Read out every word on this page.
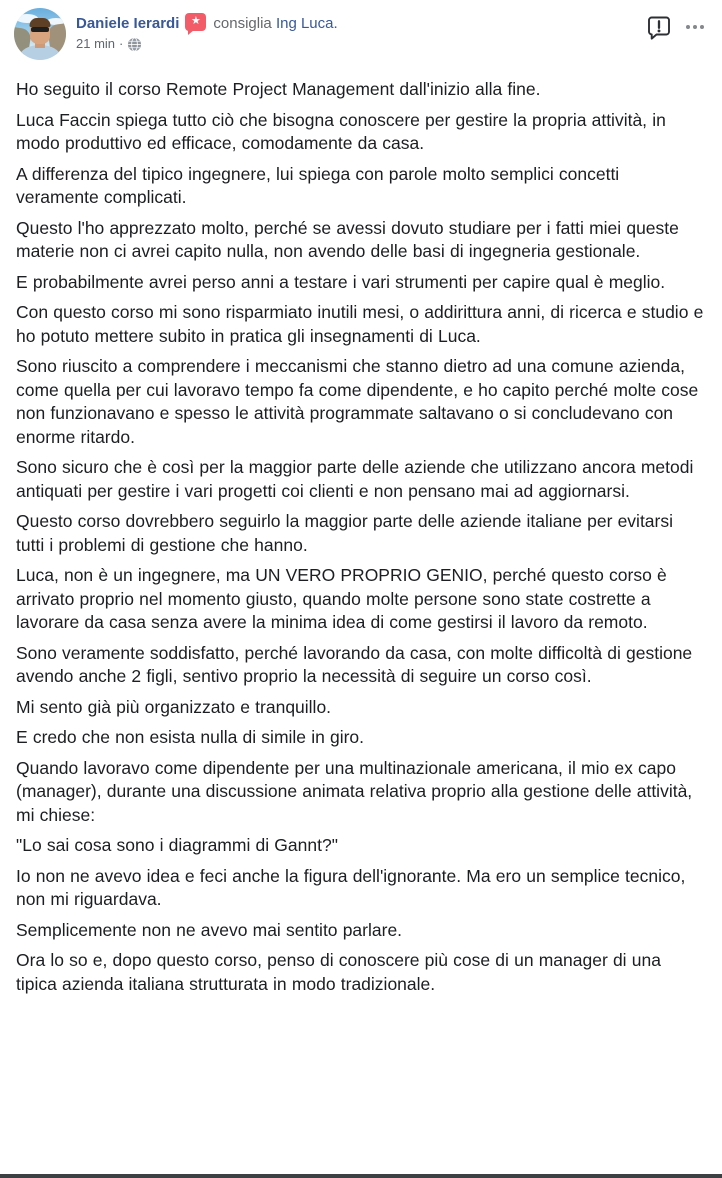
Daniele Ierardi	★ consiglia Ing Luca.
21 min ·

Ho seguito il corso Remote Project Management dall'inizio alla fine.

Luca Faccin spiega tutto ciò che bisogna conoscere per gestire la propria attività, in modo produttivo ed efficace, comodamente da casa.

A differenza del tipico ingegnere, lui spiega con parole molto semplici concetti veramente complicati.

Questo l'ho apprezzato molto, perché se avessi dovuto studiare per i fatti miei queste materie non ci avrei capito nulla, non avendo delle basi di ingegneria gestionale.

E probabilmente avrei perso anni a testare i vari strumenti per capire qual è meglio.

Con questo corso mi sono risparmiato inutili mesi, o addirittura anni, di ricerca e studio e ho potuto mettere subito in pratica gli insegnamenti di Luca.

Sono riuscito a comprendere i meccanismi che stanno dietro ad una comune azienda, come quella per cui lavoravo tempo fa come dipendente, e ho capito perché molte cose non funzionavano e spesso le attività programmate saltavano o si concludevano con enorme ritardo.

Sono sicuro che è così per la maggior parte delle aziende che utilizzano ancora metodi antiquati per gestire i vari progetti coi clienti e non pensano mai ad aggiornarsi.

Questo corso dovrebbero seguirlo la maggior parte delle aziende italiane per evitarsi tutti i problemi di gestione che hanno.

Luca, non è un ingegnere, ma UN VERO PROPRIO GENIO, perché questo corso è arrivato proprio nel momento giusto, quando molte persone sono state costrette a lavorare da casa senza avere la minima idea di come gestirsi il lavoro da remoto.

Sono veramente soddisfatto, perché lavorando da casa, con molte difficoltà di gestione avendo anche 2 figli, sentivo proprio la necessità di seguire un corso così.

Mi sento già più organizzato e tranquillo.

E credo che non esista nulla di simile in giro.

Quando lavoravo come dipendente per una multinazionale americana, il mio ex capo (manager), durante una discussione animata relativa proprio alla gestione delle attività, mi chiese:

"Lo sai cosa sono i diagrammi di Gannt?"

Io non ne avevo idea e feci anche la figura dell'ignorante. Ma ero un semplice tecnico, non mi riguardava.

Semplicemente non ne avevo mai sentito parlare.

Ora lo so e, dopo questo corso, penso di conoscere più cose di un manager di una tipica azienda italiana strutturata in modo tradizionale.
